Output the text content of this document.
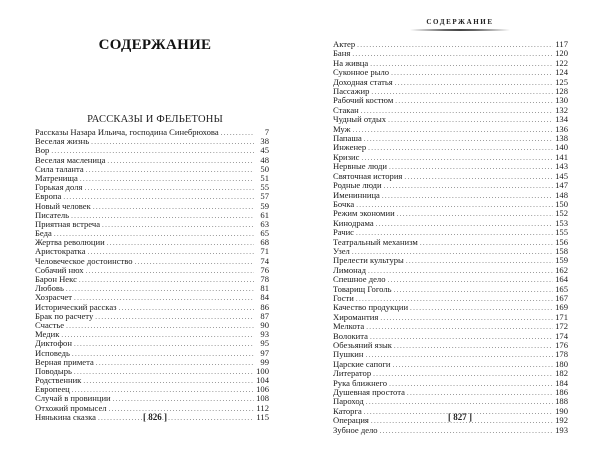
СОДЕРЖАНИЕ
РАССКАЗЫ И ФЕЛЬЕТОНЫ
Рассказы Назара Ильича, господина Синебрюхова .....	7
Веселая жизнь .....	38
Вор .....	45
Веселая масленица .....	48
Сила таланта .....	50
Матренища .....	51
Горькая доля .....	55
Европа .....	57
Новый человек .....	59
Писатель .....	61
Приятная встреча .....	63
Беда .....	65
Жертва революции .....	68
Аристократка .....	71
Человеческое достоинство .....	74
Собачий нюх .....	76
Барон Некс .....	78
Любовь .....	81
Хозрасчет .....	84
Исторический рассказ .....	86
Брак по расчету .....	87
Счастье .....	90
Медик .....	93
Диктофон .....	95
Исповедь .....	97
Верная примета .....	99
Поводырь .....	100
Родственник .....	104
Европеец .....	106
Случай в провинции .....	108
Отхожий промысел .....	112
Нянькина сказка .....	115
[ 826 ]
СОДЕРЖАНИЕ
Актер .....	117
Баня .....	120
На живца .....	122
Суконное рыло .....	124
Доходная статья .....	125
Пассажир .....	128
Рабочий костюм .....	130
Стакан .....	132
Чудный отдых .....	134
Муж .....	136
Папаша .....	138
Инженер .....	140
Кризис .....	141
Нервные люди .....	143
Святочная история .....	145
Родные люди .....	147
Именинница .....	148
Бочка .....	150
Режим экономии .....	152
Кинодрама .....	153
Рачис .....	155
Театральный механизм .....	156
Узел .....	158
Прелести культуры .....	159
Лимонад .....	162
Спешное дело .....	164
Товарищ Гоголь .....	165
Гости .....	167
Качество продукции .....	169
Хиромантия .....	171
Мелкота .....	172
Волокита .....	174
Обезьяний язык .....	176
Пушкин .....	178
Царские сапоги .....	180
Литератор .....	182
Рука ближнего .....	184
Душевная простота .....	186
Пароход .....	188
Каторга .....	190
Операция .....	192
Зубное дело .....	193
[ 827 ]
